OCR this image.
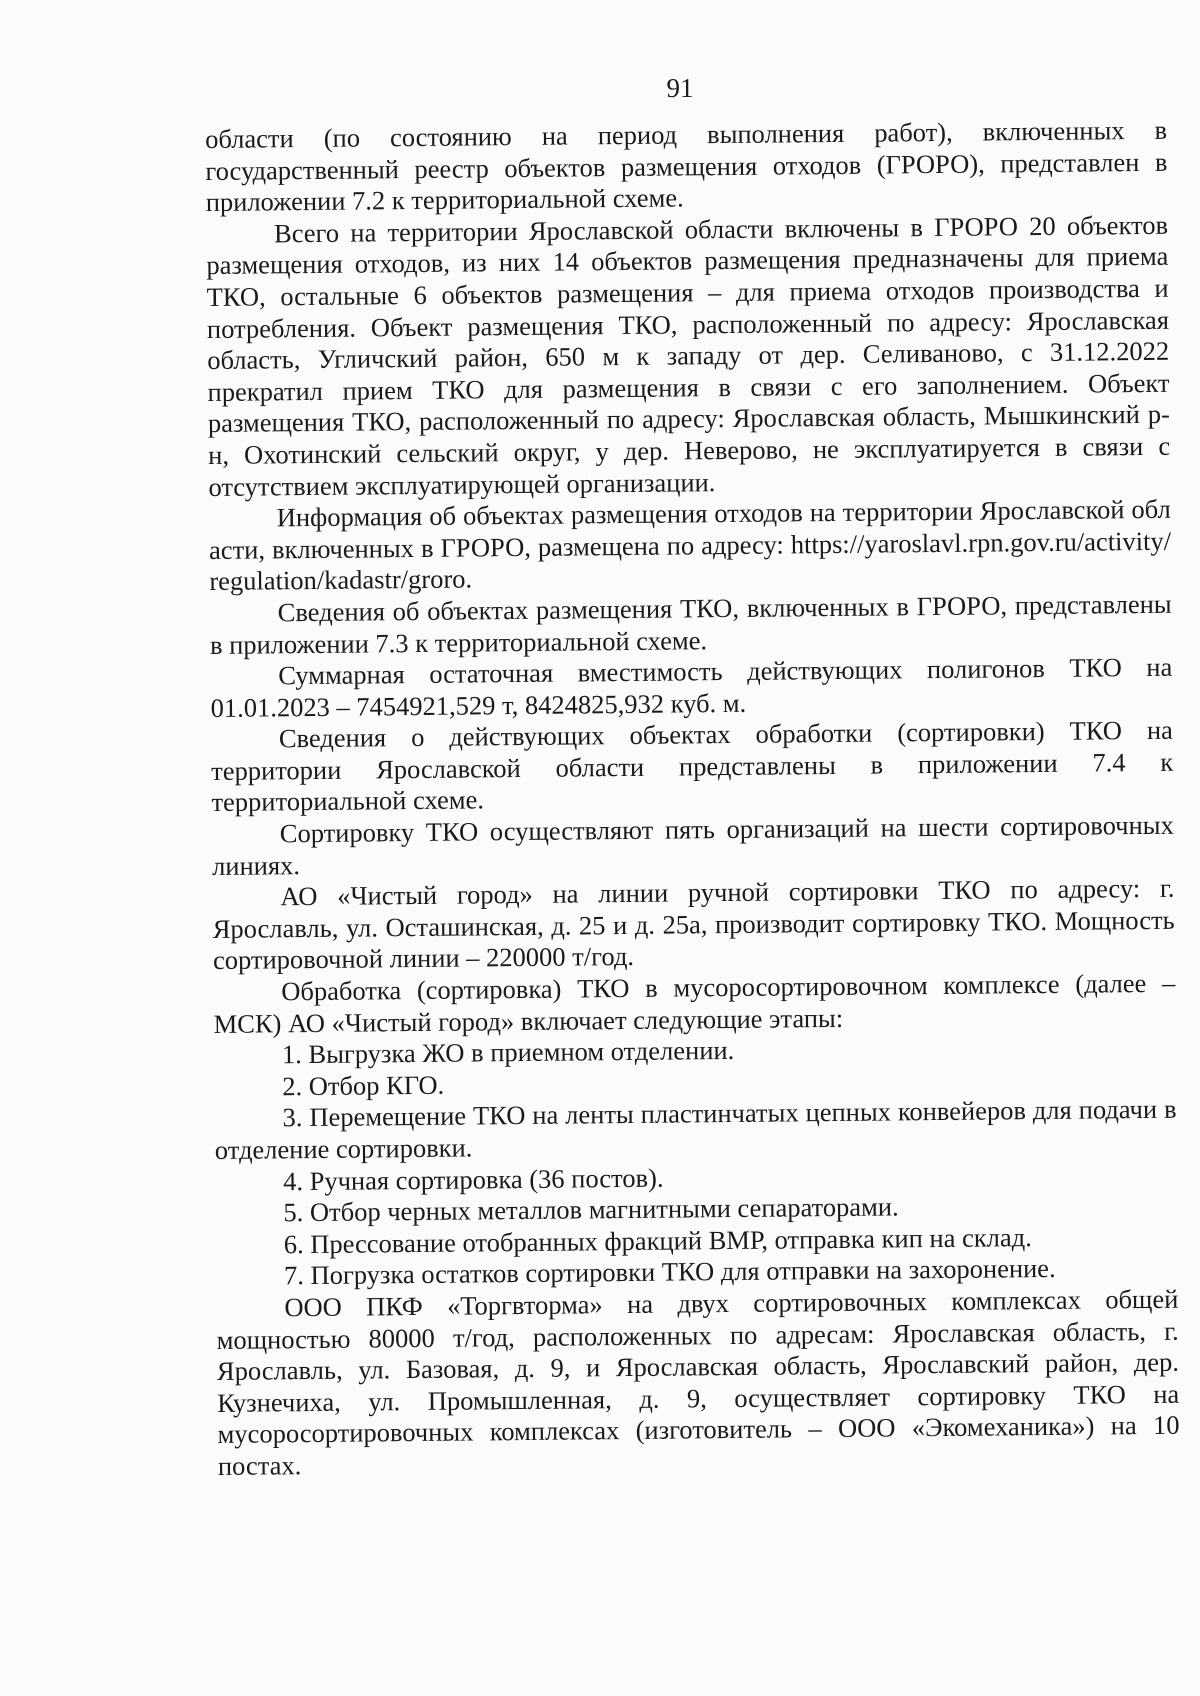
91

области (по состоянию на период выполнения работ), включенных в государственный реестр объектов размещения отходов (ГРОРО), представлен в приложении 7.2 к территориальной схеме.

Всего на территории Ярославской области включены в ГРОРО 20 объектов размещения отходов, из них 14 объектов размещения предназначены для приема ТКО, остальные 6 объектов размещения – для приема отходов производства и потребления. Объект размещения ТКО, расположенный по адресу: Ярославская область, Угличский район, 650 м к западу от дер. Селиваново, с 31.12.2022 прекратил прием ТКО для размещения в связи с его заполнением. Объект размещения ТКО, расположенный по адресу: Ярославская область, Мышкинский р-н, Охотинский сельский округ, у дер. Неверово, не эксплуатируется в связи с отсутствием эксплуатирующей организации.

Информация об объектах размещения отходов на территории Ярославской области, включенных в ГРОРО, размещена по адресу: https://yaroslavl.rpn.gov.ru/activity/regulation/kadastr/groro.

Сведения об объектах размещения ТКО, включенных в ГРОРО, представлены в приложении 7.3 к территориальной схеме.

Суммарная остаточная вместимость действующих полигонов ТКО на 01.01.2023 – 7454921,529 т, 8424825,932 куб. м.

Сведения о действующих объектах обработки (сортировки) ТКО на территории Ярославской области представлены в приложении 7.4 к территориальной схеме.

Сортировку ТКО осуществляют пять организаций на шести сортировочных линиях.

АО «Чистый город» на линии ручной сортировки ТКО по адресу: г. Ярославль, ул. Осташинская, д. 25 и д. 25а, производит сортировку ТКО. Мощность сортировочной линии – 220000 т/год.

Обработка (сортировка) ТКО в мусоросортировочном комплексе (далее – МСК) АО «Чистый город» включает следующие этапы:

1. Выгрузка ЖО в приемном отделении.

2. Отбор КГО.

3. Перемещение ТКО на ленты пластинчатых цепных конвейеров для подачи в отделение сортировки.

4. Ручная сортировка (36 постов).

5. Отбор черных металлов магнитными сепараторами.

6. Прессование отобранных фракций ВМР, отправка кип на склад.

7. Погрузка остатков сортировки ТКО для отправки на захоронение.

ООО ПКФ «Торгвторма» на двух сортировочных комплексах общей мощностью 80000 т/год, расположенных по адресам: Ярославская область, г. Ярославль, ул. Базовая, д. 9, и Ярославская область, Ярославский район, дер. Кузнечиха, ул. Промышленная, д. 9, осуществляет сортировку ТКО на мусоросортировочных комплексах (изготовитель – ООО «Экомеханика») на 10 постах.
